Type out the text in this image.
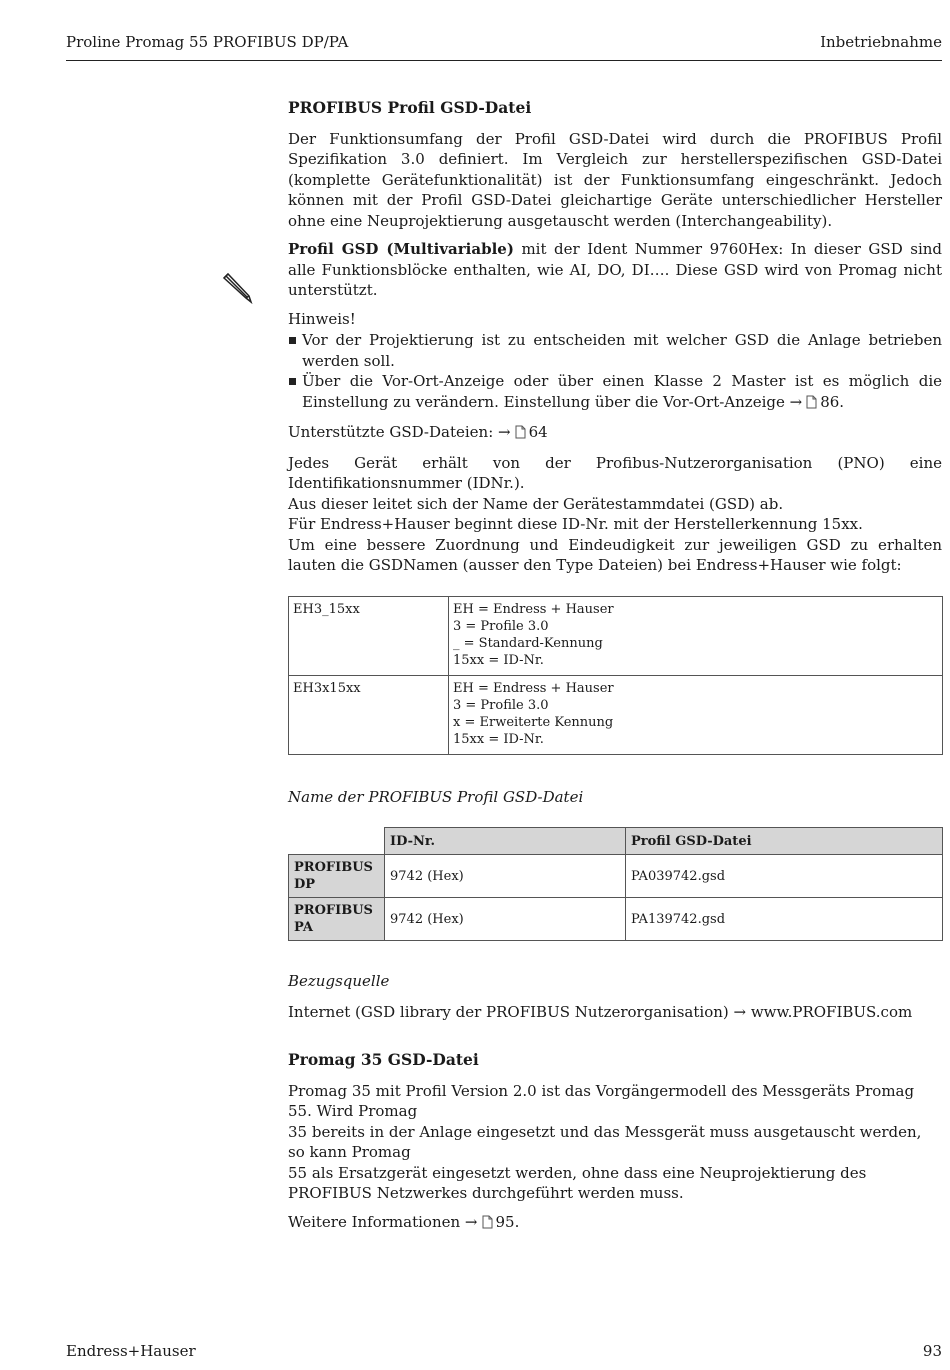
Proline Promag 55 PROFIBUS DP/PA	Inbetriebnahme
PROFIBUS Profil GSD-Datei

Der Funktionsumfang der Profil GSD-Datei wird durch die PROFIBUS Profil Spezifikation 3.0 definiert. Im Vergleich zur herstellerspezifischen GSD-Datei (komplette Gerätefunktionalität) ist der Funktionsumfang eingeschränkt. Jedoch können mit der Profil GSD-Datei gleichartige Geräte unterschiedlicher Hersteller ohne eine Neuprojektierung ausgetauscht werden (Interchangeability).

Profil GSD (Multivariable) mit der Ident Nummer 9760Hex: In dieser GSD sind alle Funktionsblöcke enthalten, wie AI, DO, DI…. Diese GSD wird von Promag nicht unterstützt.

Hinweis!

Vor der Projektierung ist zu entscheiden mit welcher GSD die Anlage betrieben werden soll.
Über die Vor-Ort-Anzeige oder über einen Klasse 2 Master ist es möglich die Einstellung zu verändern. Einstellung über die Vor-Ort-Anzeige → 86.

Unterstützte GSD-Dateien: → 64

Jedes Gerät erhält von der Profibus-Nutzerorganisation (PNO) eine Identifikationsnummer (IDNr.).
Aus dieser leitet sich der Name der Gerätestammdatei (GSD) ab.
Für Endress+Hauser beginnt diese ID-Nr. mit der Herstellerkennung 15xx.
Um eine bessere Zuordnung und Eindeudigkeit zur jeweiligen GSD zu erhalten lauten die GSDNamen (ausser den Type Dateien) bei Endress+Hauser wie folgt:

EH3_15xx	EH = Endress + Hauser
3 = Profile 3.0
_ = Standard-Kennung
15xx = ID-Nr.

EH3x15xx	EH = Endress + Hauser
3 = Profile 3.0
x = Erweiterte Kennung
15xx = ID-Nr.
Name der PROFIBUS Profil GSD-Datei
	ID-Nr.	Profil GSD-Datei
PROFIBUS DP	9742 (Hex)	PA039742.gsd
PROFIBUS PA	9742 (Hex)	PA139742.gsd
Bezugsquelle

Internet (GSD library der PROFIBUS Nutzerorganisation) → www.PROFIBUS.com

Promag 35 GSD-Datei

Promag 35 mit Profil Version 2.0 ist das Vorgängermodell des Messgeräts Promag 55. Wird Promag
35 bereits in der Anlage eingesetzt und das Messgerät muss ausgetauscht werden, so kann Promag
55 als Ersatzgerät eingesetzt werden, ohne dass eine Neuprojektierung des
PROFIBUS Netzwerkes durchgeführt werden muss.

Weitere Informationen → 95.

Endress+Hauser	93
